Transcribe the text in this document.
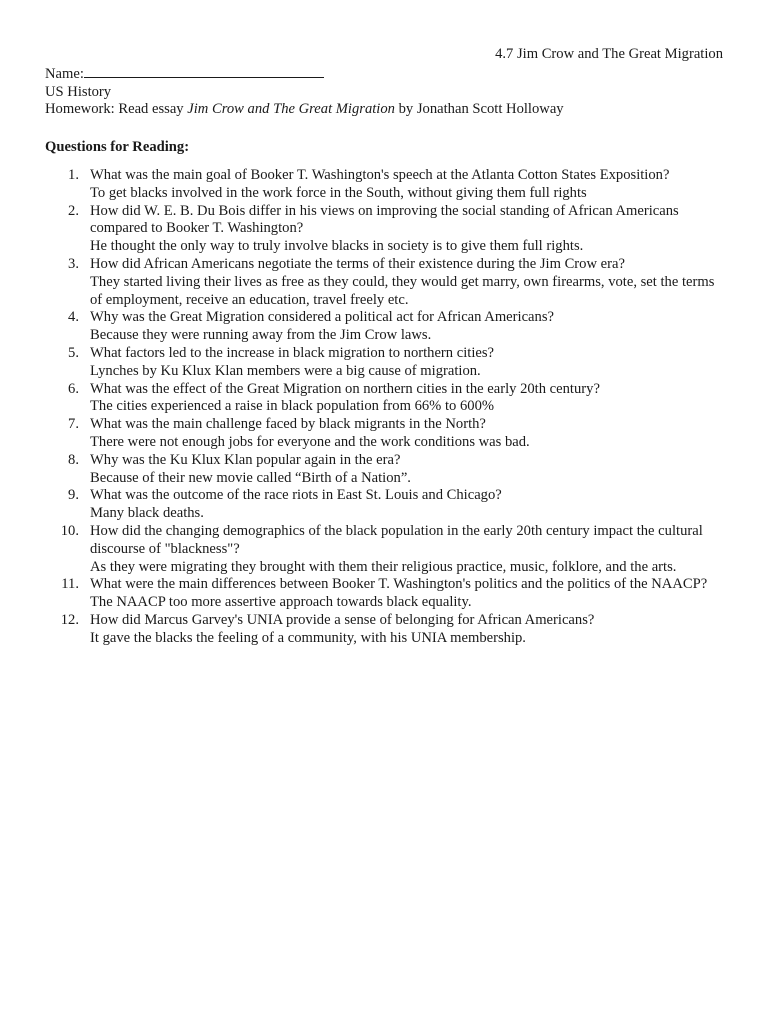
4.7 Jim Crow and The Great Migration

Name:

US History

Homework: Read essay Jim Crow and The Great Migration by Jonathan Scott Holloway

Questions for Reading:

1. What was the main goal of Booker T. Washington's speech at the Atlanta Cotton States Exposition?
To get blacks involved in the work force in the South, without giving them full rights
2. How did W. E. B. Du Bois differ in his views on improving the social standing of African Americans compared to Booker T. Washington?
He thought the only way to truly involve blacks in society is to give them full rights.
3. How did African Americans negotiate the terms of their existence during the Jim Crow era?
They started living their lives as free as they could, they would get marry, own firearms, vote, set the terms of employment, receive an education, travel freely etc.
4. Why was the Great Migration considered a political act for African Americans?
Because they were running away from the Jim Crow laws.
5. What factors led to the increase in black migration to northern cities?
Lynches by Ku Klux Klan members were a big cause of migration.
6. What was the effect of the Great Migration on northern cities in the early 20th century?
The cities experienced a raise in black population from 66% to 600%
7. What was the main challenge faced by black migrants in the North?
There were not enough jobs for everyone and the work conditions was bad.
8. Why was the Ku Klux Klan popular again in the era?
Because of their new movie called “Birth of a Nation”.
9. What was the outcome of the race riots in East St. Louis and Chicago?
Many black deaths.
10. How did the changing demographics of the black population in the early 20th century impact the cultural discourse of "blackness"?
As they were migrating they brought with them their religious practice, music, folklore, and the arts.
11. What were the main differences between Booker T. Washington's politics and the politics of the NAACP?
The NAACP too more assertive approach towards black equality.
12. How did Marcus Garvey's UNIA provide a sense of belonging for African Americans?
It gave the blacks the feeling of a community, with his UNIA membership.
